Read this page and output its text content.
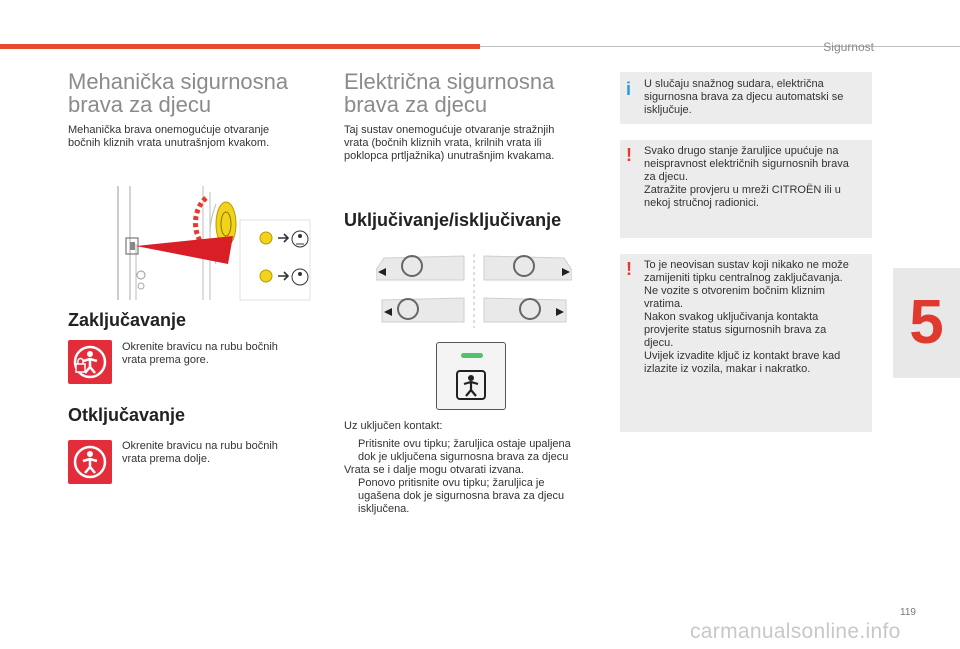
Sigurnost
5
Mehanička sigurnosna
brava za djecu

Mehanička brava onemogućuje otvaranje

bočnih kliznih vrata unutrašnjom kvakom.

Zaključavanje

Okrenite bravicu na rubu bočnih

vrata prema gore.

Otključavanje

Okrenite bravicu na rubu bočnih

vrata prema dolje.

Električna sigurnosna
brava za djecu

Taj sustav onemogućuje otvaranje stražnjih

vrata (bočnih kliznih vrata, krilnih vrata ili

poklopca prtljažnika) unutrašnjim kvakama.

Uključivanje/isključivanje

Uz uključen kontakt:

Pritisnite ovu tipku; žaruljica ostaje upaljena

dok je uključena sigurnosna brava za djecu

Vrata se i dalje mogu otvarati izvana.

Ponovo pritisnite ovu tipku; žaruljica je

ugašena dok je sigurnosna brava za djecu

isključena.

i U slučaju snažnog sudara, električna

sigurnosna brava za djecu automatski se

isključuje.

! Svako drugo stanje žaruljice upućuje na

neispravnost električnih sigurnosnih brava

za djecu.

Zatražite provjeru u mreži CITROËN ili u

nekoj stručnoj radionici.

! To je neovisan sustav koji nikako ne može

zamijeniti tipku centralnog zaključavanja.

Ne vozite s otvorenim bočnim kliznim

vratima.

Nakon svakog uključivanja kontakta

provjerite status sigurnosnih brava za

djecu.

Uvijek izvadite ključ iz kontakt brave kad

izlazite iz vozila, makar i nakratko.

119
carmanualsonline.info
